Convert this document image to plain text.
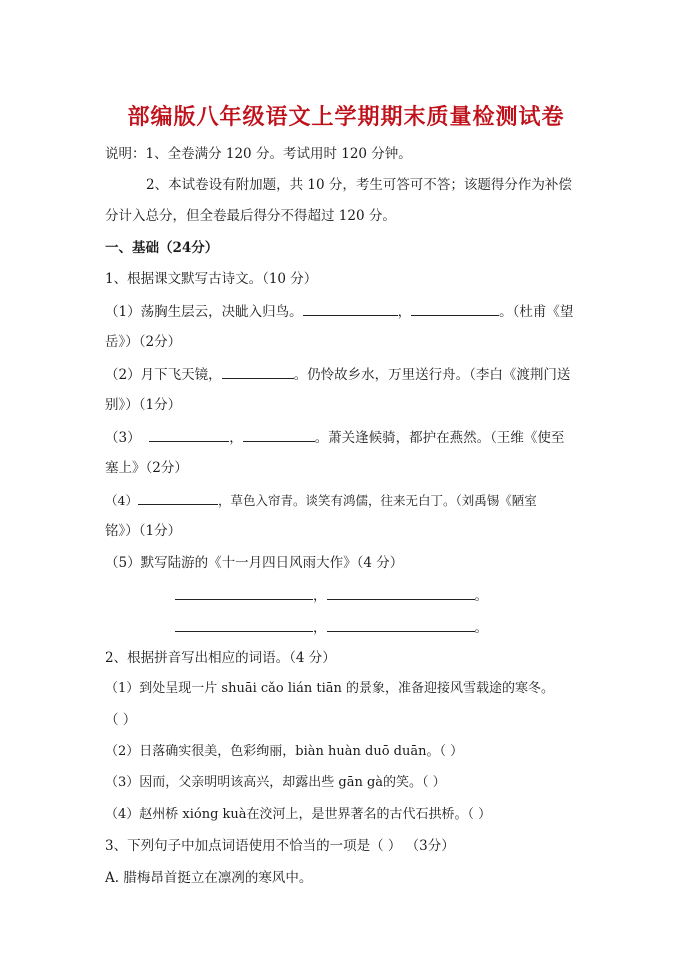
部编版八年级语文上学期期末质量检测试卷
说明：1、全卷满分 120 分。考试用时 120 分钟。
2、本试卷设有附加题，共 10 分，考生可答可不答；该题得分作为补偿
分计入总分，但全卷最后得分不得超过 120 分。
一、基础（24分）
1、根据课文默写古诗文。（10 分）
（1）荡胸生层云，决眦入归鸟。	，	。（杜甫《望
岳》）（2分）
（2）月下飞天镜，	。仍怜故乡水，万里送行舟。（李白《渡荆门送
别》）（1分）
（3）	，	。萧关逢候骑，都护在燕然。（王维《使至
塞上》（2分）
（4）	，草色入帘青。谈笑有鸿儒，往来无白丁。（刘禹锡《陋室
铭》）（1分）
（5）默写陆游的《十一月四日风雨大作》（4 分）
，	。
，	。
2、根据拼音写出相应的词语。（4 分）
（1）到处呈现一片 shuāi cǎo lián tiān 的景象，准备迎接风雪载途的寒冬。
（ ）
（2）日落确实很美，色彩绚丽，biàn huàn duō duān。（ ）
（3）因而，父亲明明该高兴，却露出些 gān gà的笑。（ ）
（4）赵州桥 xióng kuà在洨河上，是世界著名的古代石拱桥。（ ）
3、下列句子中加点词语使用不恰当的一项是（ ） （3分）
A. 腊梅昂首挺立在凛冽的寒风中。
